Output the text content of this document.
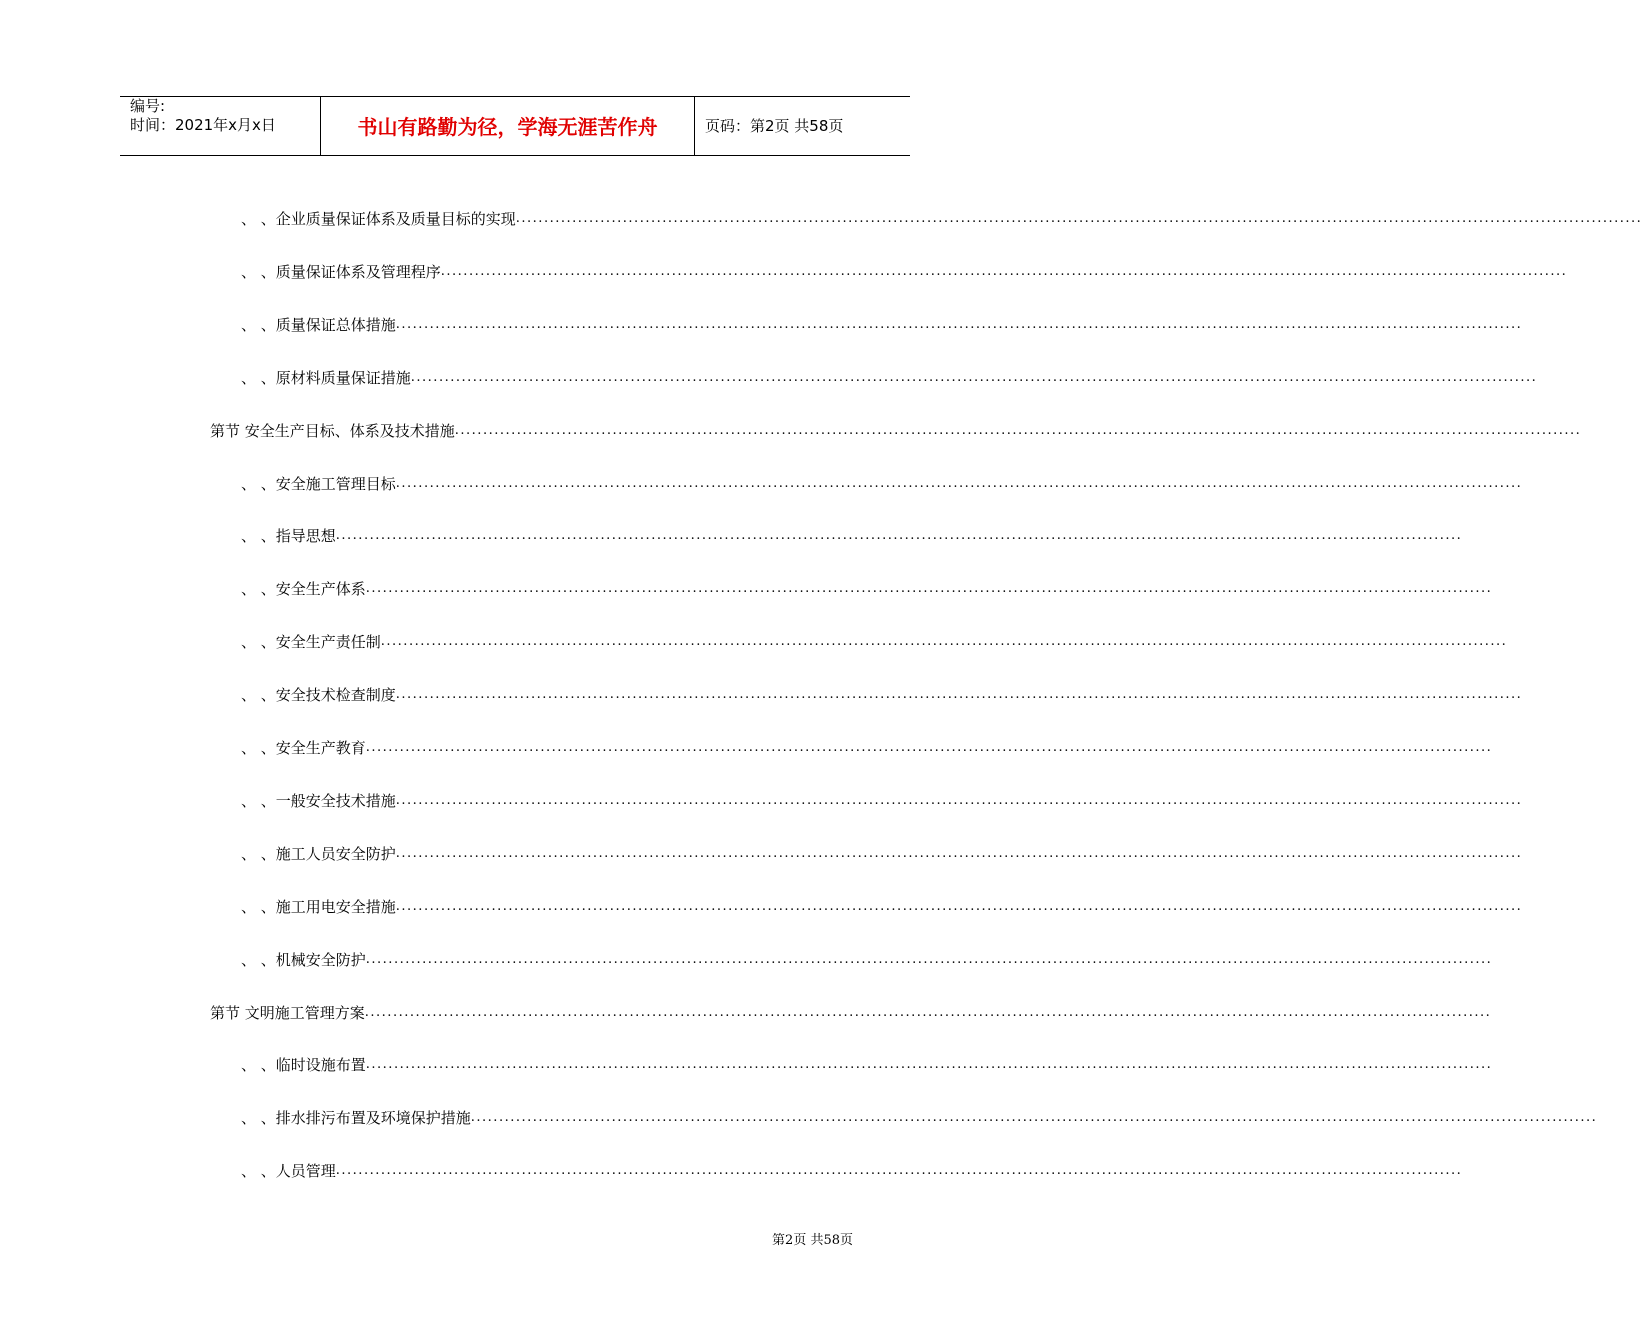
编号:
时间：2021年x月x日	书山有路勤为径，学海无涯苦作舟	页码：第2页 共58页
、 、企业质量保证体系及质量目标的实现 ........................................................................................................................................................................................................
、 、质量保证体系及管理程序 ........................................................................................................................................................................................................
、 、质量保证总体措施 ........................................................................................................................................................................................................
、 、原材料质量保证措施 ........................................................................................................................................................................................................
第节 安全生产目标、体系及技术措施 ........................................................................................................................................................................................................
、 、安全施工管理目标 ........................................................................................................................................................................................................
、 、指导思想 ........................................................................................................................................................................................................
、 、安全生产体系 ........................................................................................................................................................................................................
、 、安全生产责任制 ........................................................................................................................................................................................................
、 、安全技术检查制度 ........................................................................................................................................................................................................
、 、安全生产教育 ........................................................................................................................................................................................................
、 、一般安全技术措施 ........................................................................................................................................................................................................
、 、施工人员安全防护 ........................................................................................................................................................................................................
、 、施工用电安全措施 ........................................................................................................................................................................................................
、 、机械安全防护 ........................................................................................................................................................................................................
第节 文明施工管理方案 ........................................................................................................................................................................................................
、 、临时设施布置 ........................................................................................................................................................................................................
、 、排水排污布置及环境保护措施 ........................................................................................................................................................................................................
、 、人员管理 ........................................................................................................................................................................................................
第2页 共58页
